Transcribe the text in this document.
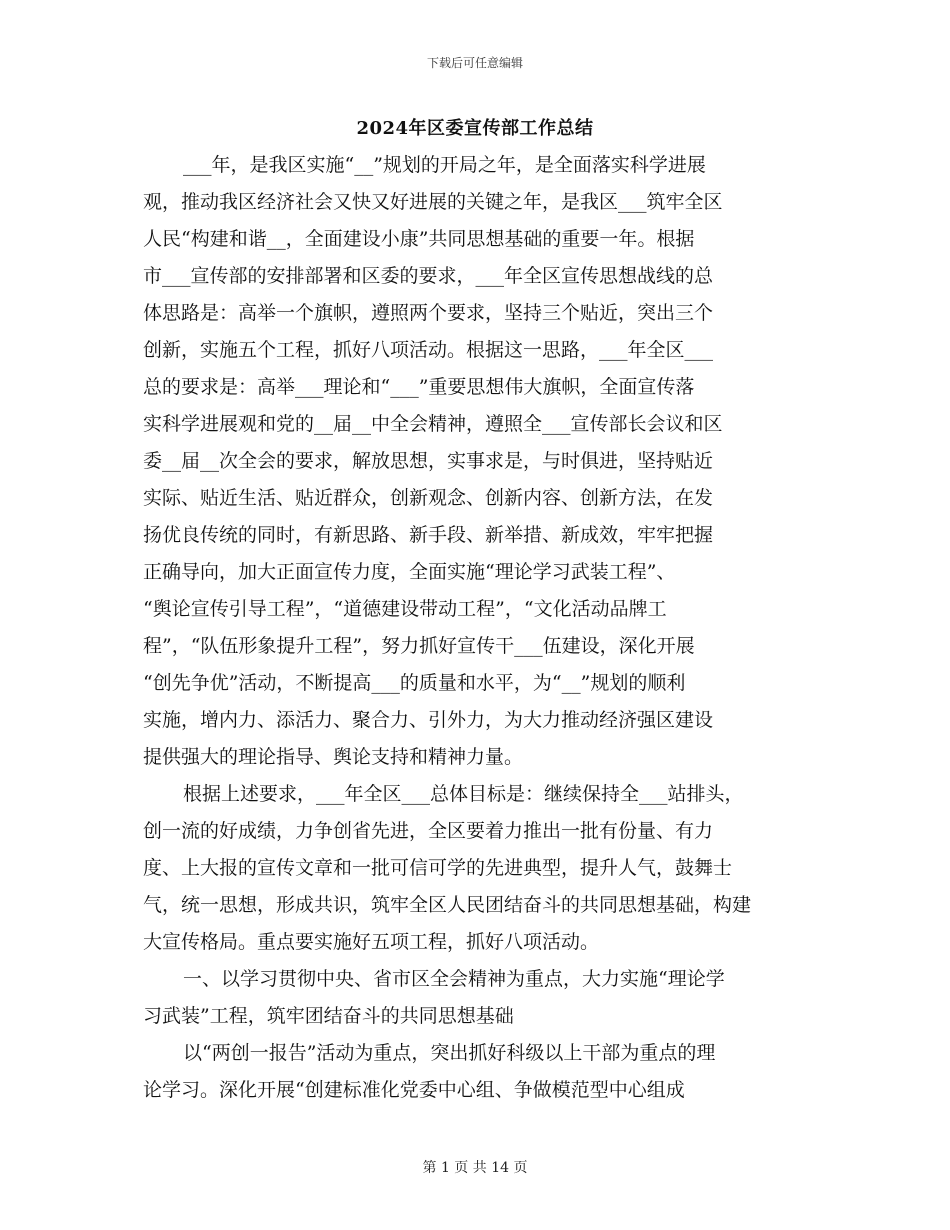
下载后可任意编辑
2024年区委宣传部工作总结
___年，是我区实施“__”规划的开局之年，是全面落实科学进展
观，推动我区经济社会又快又好进展的关键之年，是我区___筑牢全区
人民“构建和谐__，全面建设小康”共同思想基础的重要一年。根据
市___宣传部的安排部署和区委的要求，___年全区宣传思想战线的总
体思路是：高举一个旗帜，遵照两个要求，坚持三个贴近，突出三个
创新，实施五个工程，抓好八项活动。根据这一思路，___年全区___
总的要求是：高举___理论和“___”重要思想伟大旗帜，全面宣传落
实科学进展观和党的__届__中全会精神，遵照全___宣传部长会议和区
委__届__次全会的要求，解放思想，实事求是，与时俱进，坚持贴近
实际、贴近生活、贴近群众，创新观念、创新内容、创新方法，在发
扬优良传统的同时，有新思路、新手段、新举措、新成效，牢牢把握
正确导向，加大正面宣传力度，全面实施“理论学习武装工程”、
“舆论宣传引导工程”，“道德建设带动工程”，“文化活动品牌工
程”，“队伍形象提升工程”，努力抓好宣传干___伍建设，深化开展
“创先争优”活动，不断提高___的质量和水平，为“__”规划的顺利
实施，增内力、添活力、聚合力、引外力，为大力推动经济强区建设
提供强大的理论指导、舆论支持和精神力量。
根据上述要求，___年全区___总体目标是：继续保持全___站排头，
创一流的好成绩，力争创省先进，全区要着力推出一批有份量、有力
度、上大报的宣传文章和一批可信可学的先进典型，提升人气，鼓舞士
气，统一思想，形成共识，筑牢全区人民团结奋斗的共同思想基础，构建
大宣传格局。重点要实施好五项工程，抓好八项活动。
一、以学习贯彻中央、省市区全会精神为重点，大力实施“理论学
习武装”工程，筑牢团结奋斗的共同思想基础
以“两创一报告”活动为重点，突出抓好科级以上干部为重点的理
论学习。深化开展“创建标准化党委中心组、争做模范型中心组成
第 1 页 共 14 页
